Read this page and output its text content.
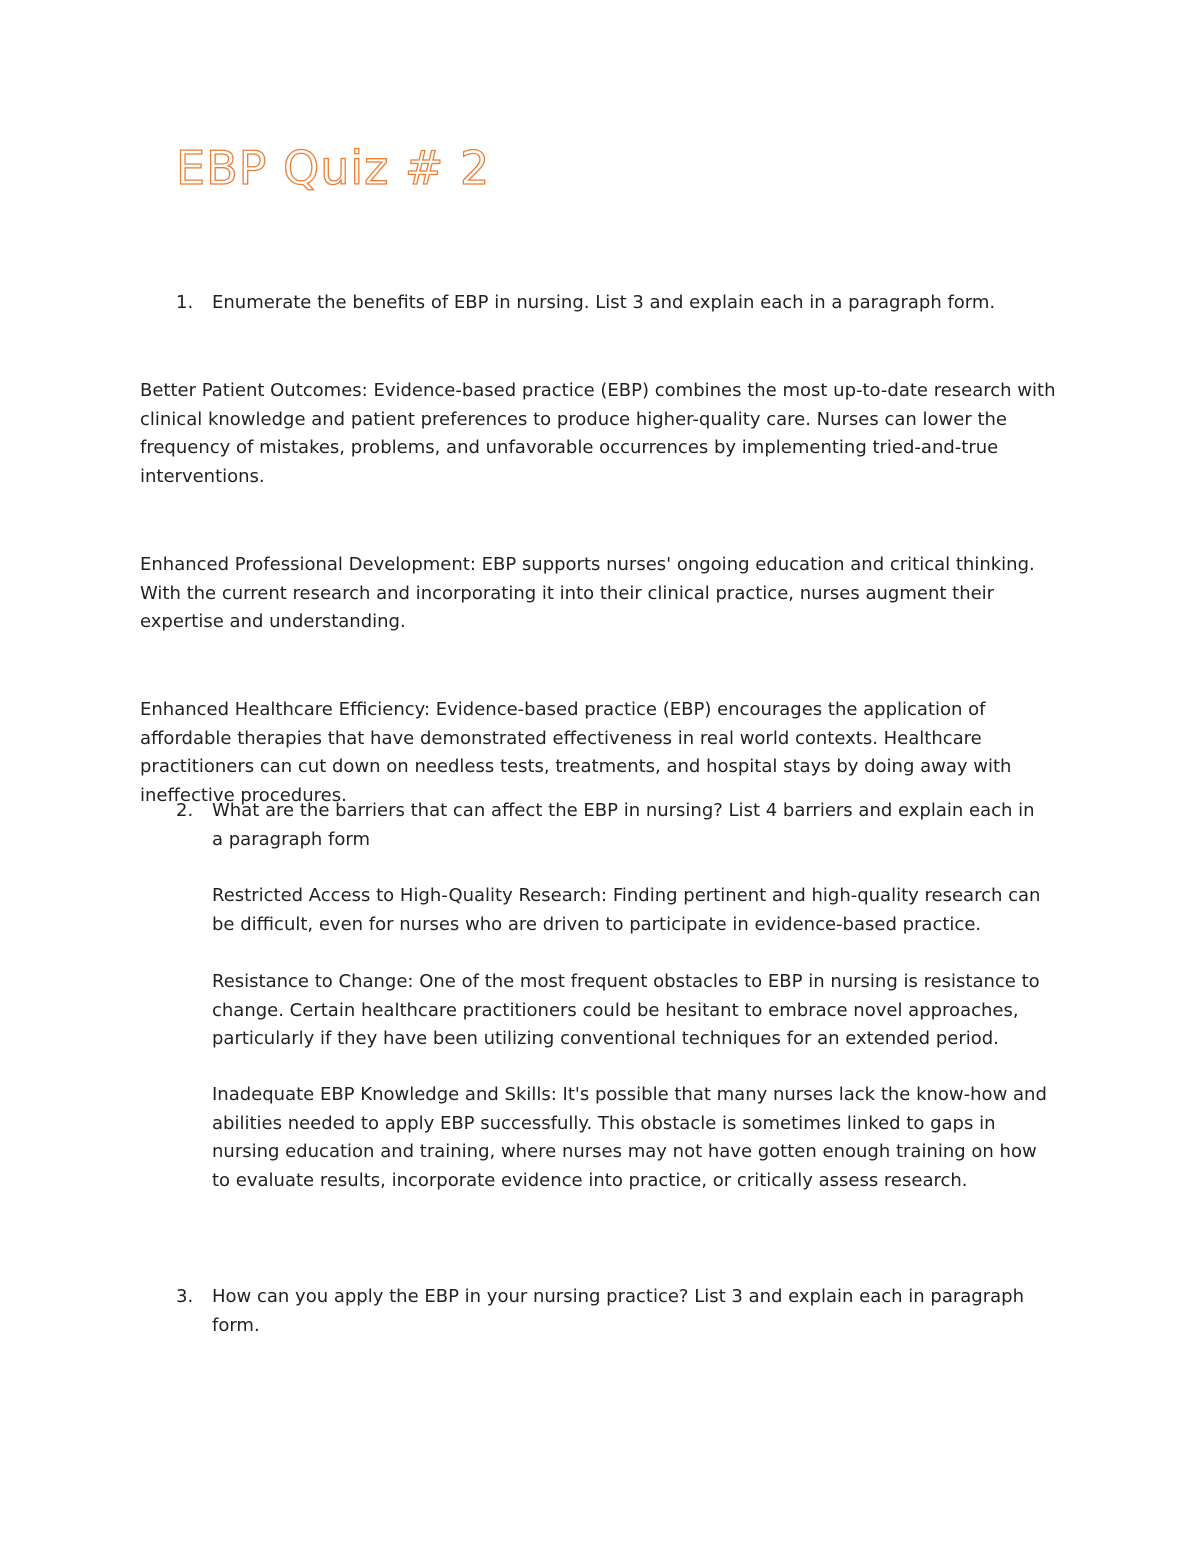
EBP Quiz # 2
1. Enumerate the benefits of EBP in nursing. List 3 and explain each in a paragraph form.

Better Patient Outcomes: Evidence-based practice (EBP) combines the most up-to-date research with clinical knowledge and patient preferences to produce higher-quality care. Nurses can lower the frequency of mistakes, problems, and unfavorable occurrences by implementing tried-and-true interventions.

Enhanced Professional Development: EBP supports nurses' ongoing education and critical thinking. With the current research and incorporating it into their clinical practice, nurses augment their expertise and understanding.

Enhanced Healthcare Efficiency: Evidence-based practice (EBP) encourages the application of affordable therapies that have demonstrated effectiveness in real world contexts. Healthcare practitioners can cut down on needless tests, treatments, and hospital stays by doing away with ineffective procedures.

2. What are the barriers that can affect the EBP in nursing? List 4 barriers and explain each in a paragraph form

Restricted Access to High-Quality Research: Finding pertinent and high-quality research can be difficult, even for nurses who are driven to participate in evidence-based practice.

Resistance to Change: One of the most frequent obstacles to EBP in nursing is resistance to change. Certain healthcare practitioners could be hesitant to embrace novel approaches, particularly if they have been utilizing conventional techniques for an extended period.

Inadequate EBP Knowledge and Skills: It's possible that many nurses lack the know-how and abilities needed to apply EBP successfully. This obstacle is sometimes linked to gaps in nursing education and training, where nurses may not have gotten enough training on how to evaluate results, incorporate evidence into practice, or critically assess research.

3. How can you apply the EBP in your nursing practice? List 3 and explain each in paragraph form.
